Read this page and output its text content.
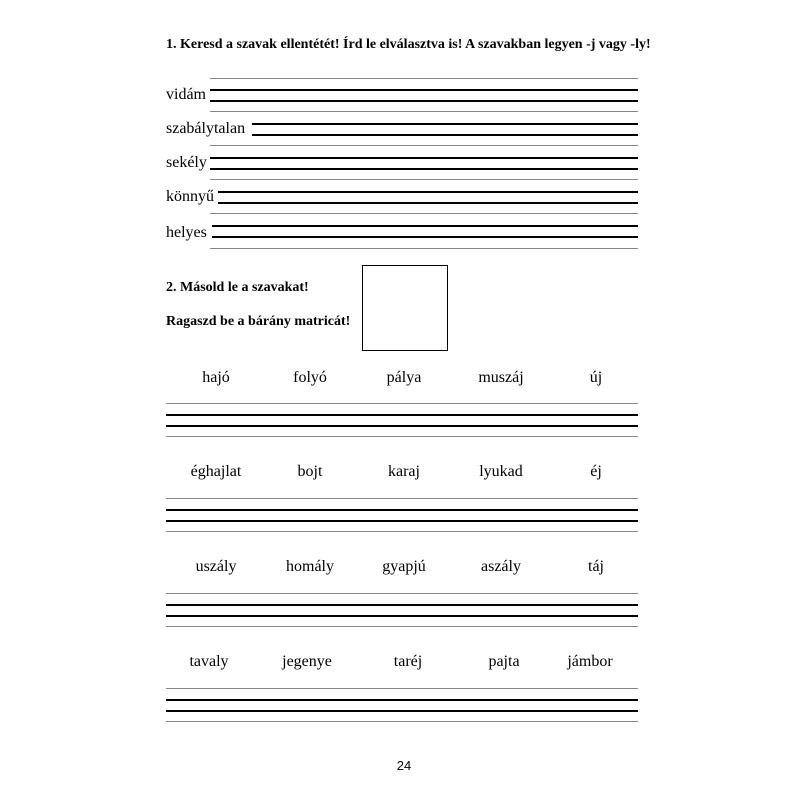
1. Keresd a szavak ellentétét! Írd le elválasztva is! A szavakban legyen -j vagy -ly!
vidám
szabálytalan
sekély
könnyű
helyes
2. Másold le a szavakat!
Ragaszd be a bárány matricát!
hajó	folyó	pálya	muszáj	új
éghajlat	bojt	karaj	lyukad	éj
uszály	homály	gyapjú	aszály	táj
tavaly	jegenye	taréj	pajta	jámbor
24
